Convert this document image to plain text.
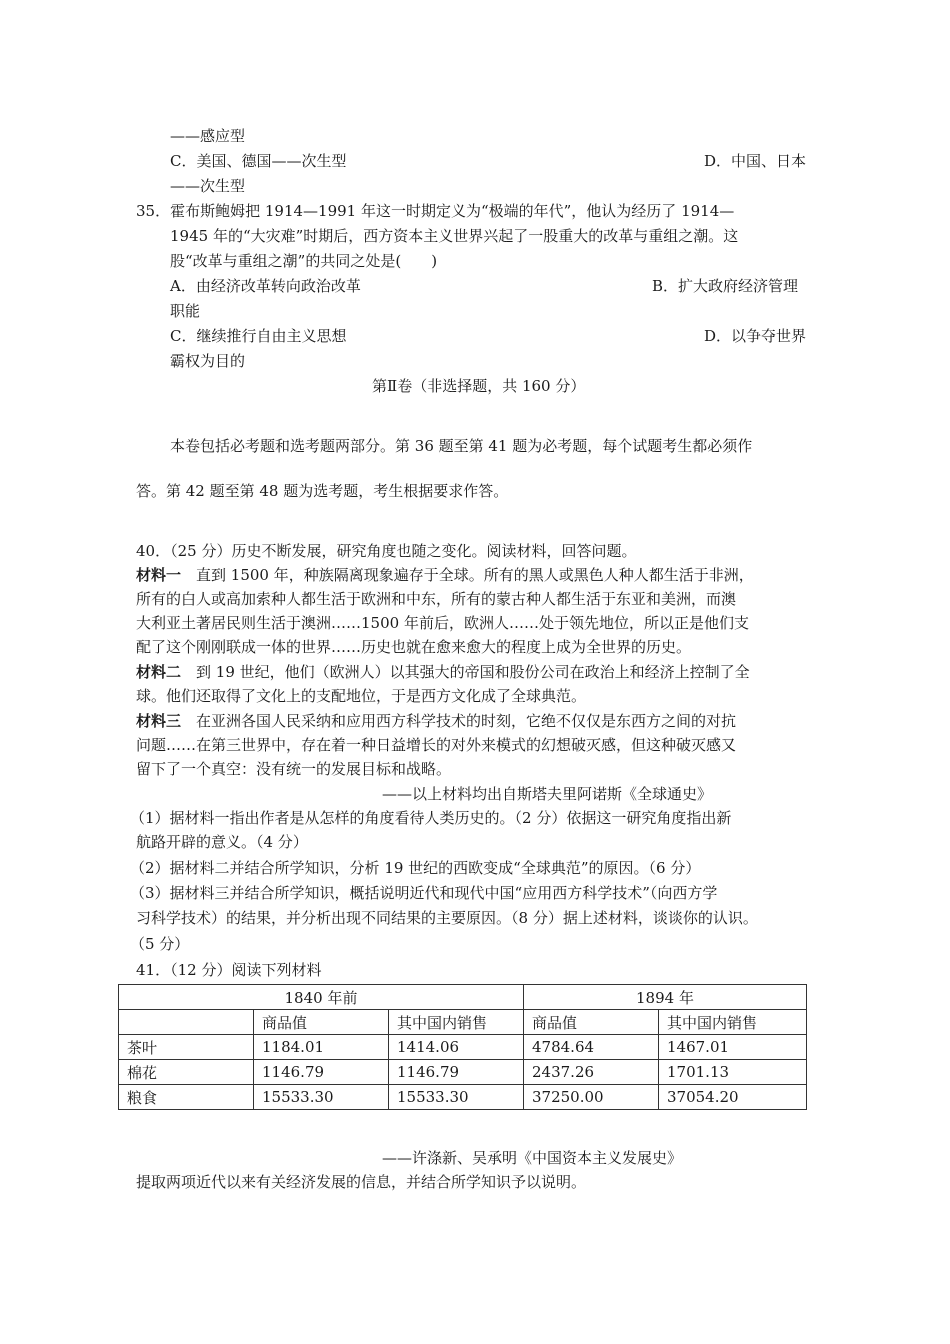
——感应型
C．美国、德国——次生型	D．中国、日本
——次生型
35．霍布斯鲍姆把 1914—1991 年这一时期定义为“极端的年代”，他认为经历了 1914—
1945 年的“大灾难”时期后，西方资本主义世界兴起了一股重大的改革与重组之潮。这
股“改革与重组之潮”的共同之处是(　　)
A．由经济改革转向政治改革	B．扩大政府经济管理
职能
C．继续推行自由主义思想	D．以争夺世界
霸权为目的
第Ⅱ卷（非选择题，共 160 分）
本卷包括必考题和选考题两部分。第 36 题至第 41 题为必考题，每个试题考生都必须作
答。第 42 题至第 48 题为选考题，考生根据要求作答。
40．（25 分）历史不断发展，研究角度也随之变化。阅读材料，回答问题。
材料一　直到 1500 年，种族隔离现象遍存于全球。所有的黑人或黑色人种人都生活于非洲，
所有的白人或高加索种人都生活于欧洲和中东，所有的蒙古种人都生活于东亚和美洲，而澳
大利亚土著居民则生活于澳洲……1500 年前后，欧洲人……处于领先地位，所以正是他们支
配了这个刚刚联成一体的世界……历史也就在愈来愈大的程度上成为全世界的历史。
材料二　到 19 世纪，他们（欧洲人）以其强大的帝国和股份公司在政治上和经济上控制了全
球。他们还取得了文化上的支配地位，于是西方文化成了全球典范。
材料三　在亚洲各国人民采纳和应用西方科学技术的时刻，它绝不仅仅是东西方之间的对抗
问题……在第三世界中，存在着一种日益增长的对外来模式的幻想破灭感，但这种破灭感又
留下了一个真空：没有统一的发展目标和战略。
——以上材料均出自斯塔夫里阿诺斯《全球通史》
（1）据材料一指出作者是从怎样的角度看待人类历史的。（2 分）依据这一研究角度指出新
航路开辟的意义。（4 分）
（2）据材料二并结合所学知识，分析 19 世纪的西欧变成“全球典范”的原因。（6 分）
（3）据材料三并结合所学知识，概括说明近代和现代中国“应用西方科学技术”（向西方学
习科学技术）的结果，并分析出现不同结果的主要原因。（8 分）据上述材料，谈谈你的认识。
（5 分）
41．（12 分）阅读下列材料
1840 年前			1894 年	
	商品值	其中国内销售	商品值	其中国内销售
茶叶	1184.01	1414.06	4784.64	1467.01
棉花	1146.79	1146.79	2437.26	1701.13
粮食	15533.30	15533.30	37250.00	37054.20
——许涤新、吴承明《中国资本主义发展史》
提取两项近代以来有关经济发展的信息，并结合所学知识予以说明。
